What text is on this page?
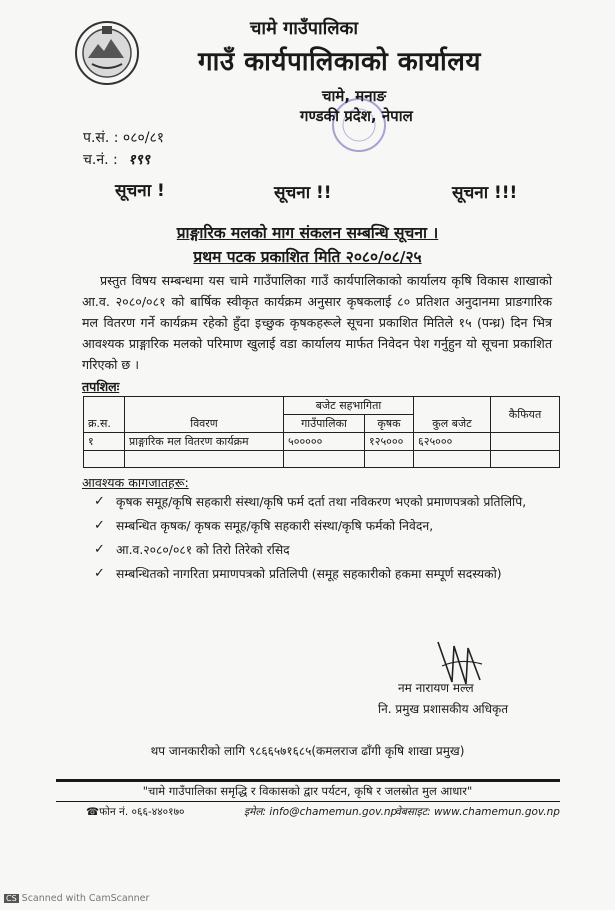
चामे गाउँपालिका
गाउँ कार्यपालिकाको कार्यालय
चामे, मनाङ
गण्डकी प्रदेश, नेपाल
प.सं. : ०८०/८१
च.नं. : १९९
सूचना !	सूचना !!	सूचना !!!
प्राङ्गारिक मलको माग संकलन सम्बन्धि सूचना ।
प्रथम पटक प्रकाशित मिति २०८०/०८/२५
प्रस्तुत विषय सम्बन्धमा यस चामे गाउँपालिका गाउँ कार्यपालिकाको कार्यालय कृषि विकास शाखाको आ.व. २०८०/०८१ को बार्षिक स्वीकृत कार्यक्रम अनुसार कृषकलाई ८० प्रतिशत अनुदानमा प्राङगारिक मल वितरण गर्ने कार्यक्रम रहेको हुँदा इच्छुक कृषकहरूले सूचना प्रकाशित मितिले १५ (पन्ध्र) दिन भित्र आवश्यक प्राङ्गारिक मलको परिमाण खुलाई वडा कार्यालय मार्फत निवेदन पेश गर्नुहुन यो सूचना प्रकाशित गरिएको छ ।
तपशिलः
क्र.स.	विवरण	बजेट सहभागिता		कुल बजेट	कैफियत
		गाउँपालिका	कृषक		
१	प्राङ्गारिक मल वितरण कार्यक्रम	५०००००	१२५०००	६२५०००	

आवश्यक कागजातहरू:
✓ कृषक समूह/कृषि सहकारी संस्था/कृषि फर्म दर्ता तथा नविकरण भएको प्रमाणपत्रको प्रतिलिपि,
✓ सम्बन्धित कृषक/ कृषक समूह/कृषि सहकारी संस्था/कृषि फर्मको निवेदन,
✓ आ.व.२०८०/०८१ को तिरो तिरेको रसिद
✓ सम्बन्धितको नागरिता प्रमाणपत्रको प्रतिलिपी (समूह सहकारीको हकमा सम्पूर्ण सदस्यको)
नम नारायण मल्ल
नि. प्रमुख प्रशासकीय अधिकृत
थप जानकारीको लागि ९८६६५७१६८५(कमलराज ढाँगी कृषि शाखा प्रमुख)
"चामे गाउँपालिका समृद्धि र विकासको द्वार पर्यटन, कृषि र जलस्रोत मुल आधार"
☎फोन नं. ०६६-४४०१७०	इमेल: info@chamemun.gov.np
वेबसाइट: www.chamemun.gov.np
CS Scanned with CamScanner
